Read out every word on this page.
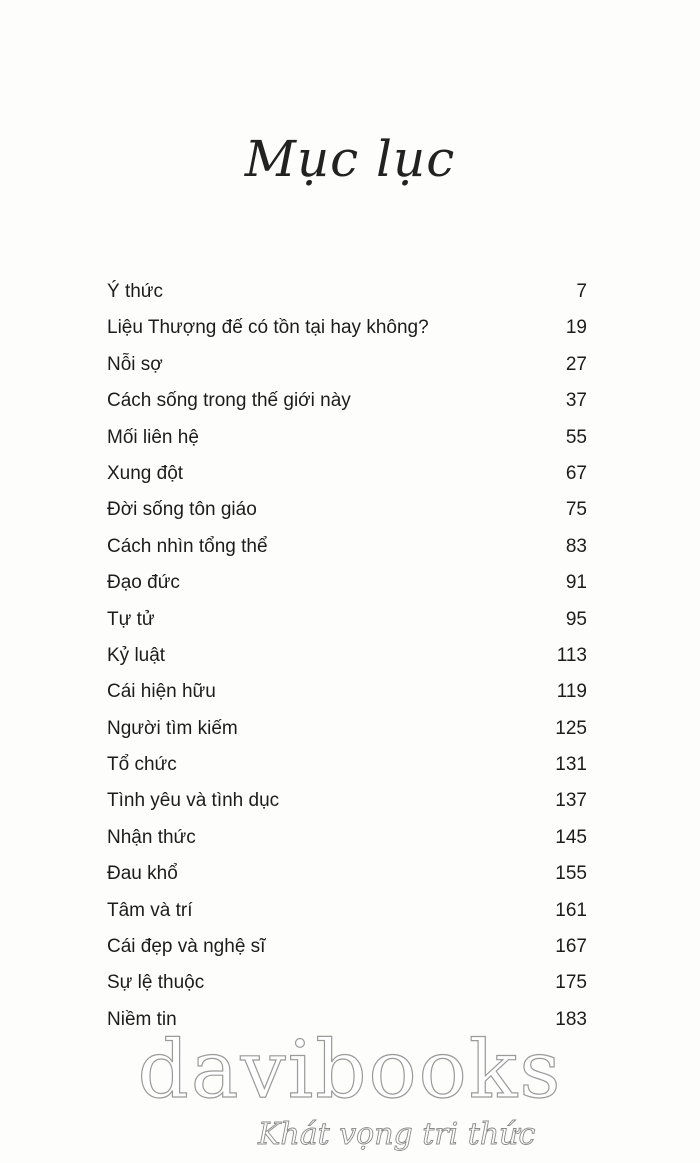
Mục lục
Ý thức	7
Liệu Thượng đế có tồn tại hay không?	19
Nỗi sợ	27
Cách sống trong thế giới này	37
Mối liên hệ	55
Xung đột	67
Đời sống tôn giáo	75
Cách nhìn tổng thể	83
Đạo đức	91
Tự tử	95
Kỷ luật	113
Cái hiện hữu	119
Người tìm kiếm	125
Tổ chức	131
Tình yêu và tình dục	137
Nhận thức	145
Đau khổ	155
Tâm và trí	161
Cái đẹp và nghệ sĩ	167
Sự lệ thuộc	175
Niềm tin	183
davibooks
Khát vọng tri thức
